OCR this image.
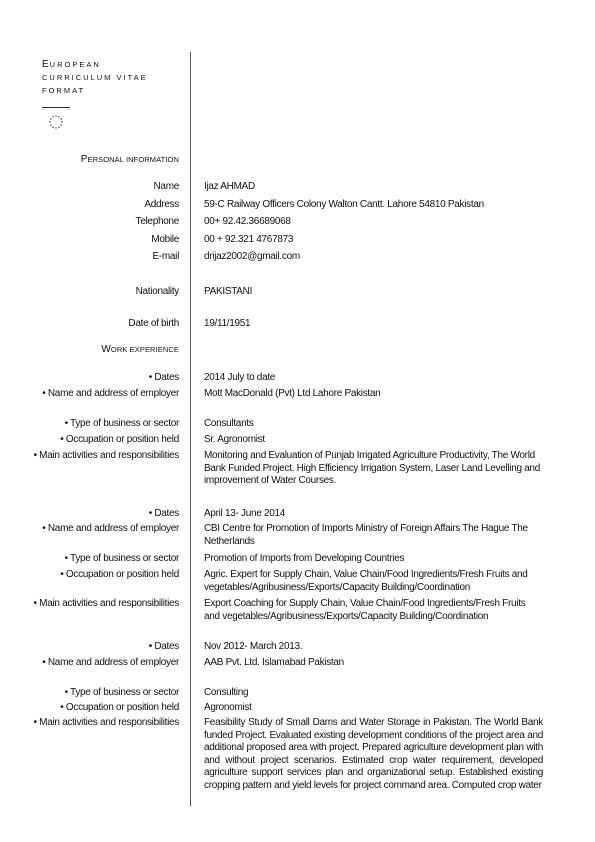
EUROPEAN
CURRICULUM VITAE
FORMAT
PERSONAL INFORMATION
Name	Ijaz AHMAD
Address	59-C Railway Officers Colony Walton Cantt. Lahore 54810 Pakistan
Telephone	00+ 92.42.36689068
Mobile	00 + 92.321 4767873
E-mail	drijaz2002@gmail.com
Nationality	PAKISTANI
Date of birth	19/11/1951
WORK EXPERIENCE
• Dates	2014 July to date
• Name and address of employer	Mott MacDonald (Pvt) Ltd Lahore Pakistan
• Type of business or sector	Consultants
• Occupation or position held	Sr. Agronomist
• Main activities and responsibilities	Monitoring and Evaluation of Punjab Irrigated Agriculture Productivity, The World Bank Funded Project. High Efficiency Irrigation System, Laser Land Levelling and improvement of Water Courses.
• Dates	April 13- June 2014
• Name and address of employer	CBI Centre for Promotion of Imports Ministry of Foreign Affairs The Hague The Netherlands
• Type of business or sector	Promotion of Imports from Developing Countries
• Occupation or position held	Agric. Expert for Supply Chain, Value Chain/Food Ingredients/Fresh Fruits and vegetables/Agribusiness/Exports/Capacity Building/Coordination
• Main activities and responsibilities	Export Coaching for Supply Chain, Value Chain/Food Ingredients/Fresh Fruits and vegetables/Agribusiness/Exports/Capacity Building/Coordination
• Dates	Nov 2012- March 2013.
• Name and address of employer	AAB Pvt. Ltd. Islamabad Pakistan
• Type of business or sector	Consulting
• Occupation or position held	Agronomist
• Main activities and responsibilities	Feasibility Study of Small Dams and Water Storage in Pakistan. The World Bank funded Project. Evaluated existing development conditions of the project area and additional proposed area with project. Prepared agriculture development plan with and without project scenarios. Estimated crop water requirement, developed agriculture support services plan and organizational setup. Established existing cropping pattern and yield levels for project command area. Computed crop water
